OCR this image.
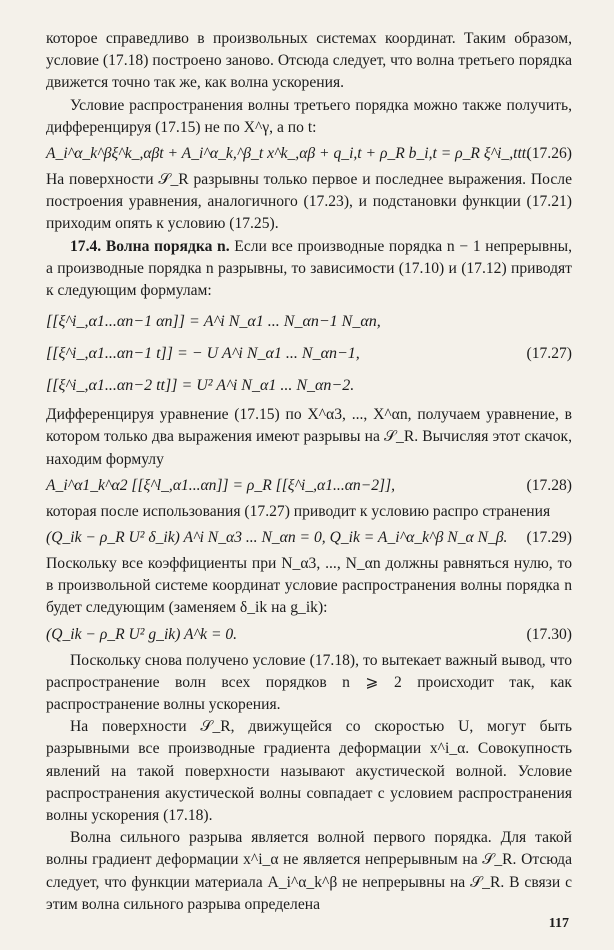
которое справедливо в произвольных системах координат. Таким образом, условие (17.18) построено заново. Отсюда следует, что волна третьего порядка движется точно так же, как волна ускорения.

Условие распространения волны третьего порядка можно также получить, дифференцируя (17.15) не по X^γ, а по t:

A_i^α_k^βξ^k_,αβt + A_i^α_k,^β_t x^k_,αβ + q_i,t + ρ_R b_i,t = ρ_R ξ^i_,ttt.
(17.26)

На поверхности 𝒮_R разрывны только первое и последнее выражения. После построения уравнения, аналогичного (17.23), и подстановки функции (17.21) приходим опять к условию (17.25).

17.4. Волна порядка n. Если все производные порядка n − 1 непрерывны, а производные порядка n разрывны, то зависимости (17.10) и (17.12) приводят к следующим формулам:

[[ξ^i_,α1...αn−1 αn]] = A^i N_α1 ... N_αn−1 N_αn,
[[ξ^i_,α1...αn−1 t]] = − U A^i N_α1 ... N_αn−1,
[[ξ^i_,α1...αn−2 tt]] = U² A^i N_α1 ... N_αn−2.
(17.27)

Дифференцируя уравнение (17.15) по X^α3, ..., X^αn, получаем уравнение, в котором только два выражения имеют разрывы на 𝒮_R. Вычисляя этот скачок, находим формулу

A_i^α1_k^α2 [[ξ^l_,α1...αn]] = ρ_R [[ξ^i_,α1...αn−2]],	(17.28)

которая после использования (17.27) приводит к условию распро странения

(Q_ik − ρ_R U² δ_ik) A^i N_α3 ... N_αn = 0, Q_ik = A_i^α_k^β N_α N_β. (17.29)

Поскольку все коэффициенты при N_α3, ..., N_αn должны равняться нулю, то в произвольной системе координат условие распространения волны порядка n будет следующим (заменяем δ_ik на g_ik):

(Q_ik − ρ_R U² g_ik) A^k = 0.	(17.30)

Поскольку снова получено условие (17.18), то вытекает важный вывод, что распространение волн всех порядков n ⩾ 2 происходит так, как распространение волны ускорения.

На поверхности 𝒮_R, движущейся со скоростью U, могут быть разрывными все производные градиента деформации x^i_α. Совокупность явлений на такой поверхности называют акустической волной. Условие распространения акустической волны совпадает с условием распространения волны ускорения (17.18).

Волна сильного разрыва является волной первого порядка. Для такой волны градиент деформации x^i_α не является непрерывным на 𝒮_R. Отсюда следует, что функции материала A_i^α_k^β не непрерывны на 𝒮_R. В связи с этим волна сильного разрыва определена

117
